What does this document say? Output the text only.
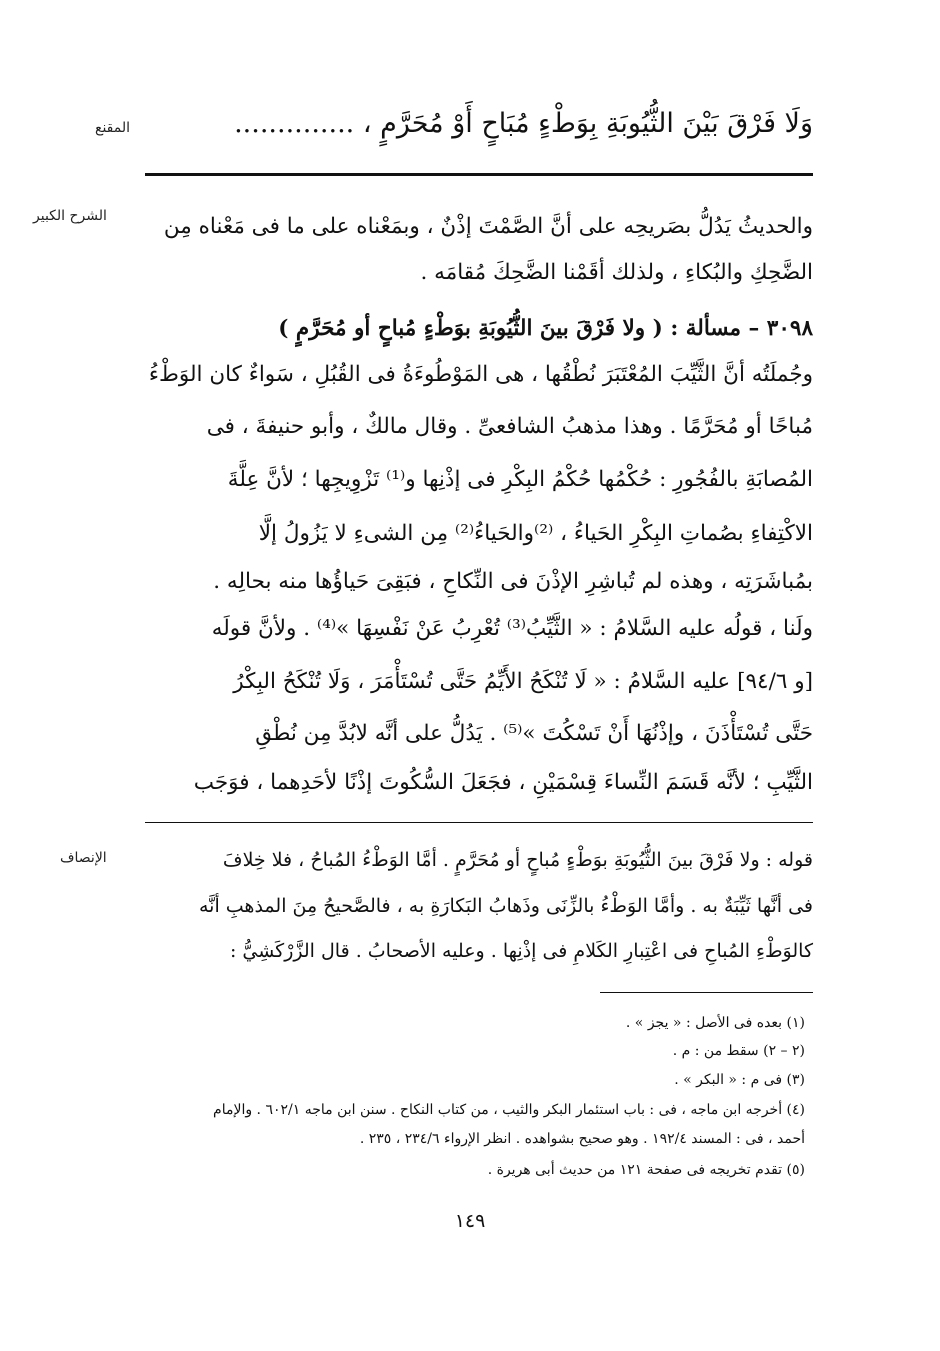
المقنع
الشرح الكبير
الإنصاف
وَلَا فَرْقَ بَيْنَ الثُّيُوبَةِ بِوَطْءٍ مُبَاحٍ أَوْ مُحَرَّمٍ ، ..............
والحديثُ يَدُلُّ بصَريحِه على أنَّ الصَّمْتَ إذْنٌ ، وبمَعْناه على ما فى مَعْناه مِن
الضَّحِكِ والبُكاءِ ، ولذلك أقَمْنا الضَّحِكَ مُقامَه .
٣٠٩٨ – مسألة : ( ولا فَرْقَ بينَ الثُّيُوبَةِ بوَطْءٍ مُباحٍ أو مُحَرَّمٍ )
وجُملَتُه أنَّ الثَّيِّبَ المُعْتَبَرَ نُطْقُها ، هى المَوْطُوءَةُ فى القُبُلِ ، سَواءٌ كان الوَطْءُ
مُباحًا أو مُحَرَّمًا . وهذا مذهبُ الشافعىِّ . وقال مالكٌ ، وأبو حنيفةَ ، فى
المُصابَةِ بالفُجُورِ : حُكْمُها حُكْمُ البِكْرِ فى إذْنِها و⁽¹⁾ تَزْوِيجِها ؛ لأنَّ عِلَّةَ
الاكْتِفاءِ بصُماتِ البِكْرِ الحَياءُ ، ⁽²⁾والحَياءُ⁽²⁾ مِن الشىءِ لا يَزُولُ إلَّا
بمُباشَرَتِه ، وهذه لم تُباشِرِ الإذْنَ فى النِّكاحِ ، فبَقِىَ حَياؤُها منه بحالِه .
ولَنا ، قولُه عليه السَّلامُ : « الثَّيِّبُ⁽³⁾ تُعْرِبُ عَنْ نَفْسِهَا »⁽⁴⁾ . ولأنَّ قولَه
[و ٩٤/٦] عليه السَّلامُ : « لَا تُنْكَحُ الأَيِّمُ حَتَّى تُسْتَأْمَرَ ، وَلَا تُنْكَحُ البِكْرُ
حَتَّى تُسْتَأْذَنَ ، وإذْنُهَا أَنْ تَسْكُتَ »⁽⁵⁾ . يَدُلُّ على أنَّه لابُدَّ مِن نُطْقِ
الثَّيِّبِ ؛ لأنَّه قَسَمَ النِّساءَ قِسْمَيْنِ ، فجَعَلَ السُّكُوتَ إذْنًا لأحَدِهما ، فوَجَب
قوله : ولا فَرْقَ بينَ الثُّيُوبَةِ بوَطْءٍ مُباحٍ أو مُحَرَّمٍ . أمَّا الوَطْءُ المُباحُ ، فلا خِلافَ
فى أنَّها ثَيِّبَةٌ به . وأمَّا الوَطْءُ بالزِّنَى وذَهابُ البَكارَةِ به ، فالصَّحيحُ مِنَ المذهبِ أنَّه
كالوَطْءِ المُباحِ فى اعْتِبارِ الكَلامِ فى إذْنِها . وعليه الأصحابُ . قال الزَّرْكَشِيُّ :
(١) بعده فى الأصل : « يجز » .
(٢ – ٢) سقط من : م .
(٣) فى م : « البكر » .
(٤) أخرجه ابن ماجه ، فى : باب استئمار البكر والثيب ، من كتاب النكاح . سنن ابن ماجه ٦٠٢/١ . والإمام
أحمد ، فى : المسند ١٩٢/٤ . وهو صحيح بشواهده . انظر الإرواء ٢٣٤/٦ ، ٢٣٥ .
(٥) تقدم تخريجه فى صفحة ١٢١ من حديث أبى هريرة .
١٤٩
